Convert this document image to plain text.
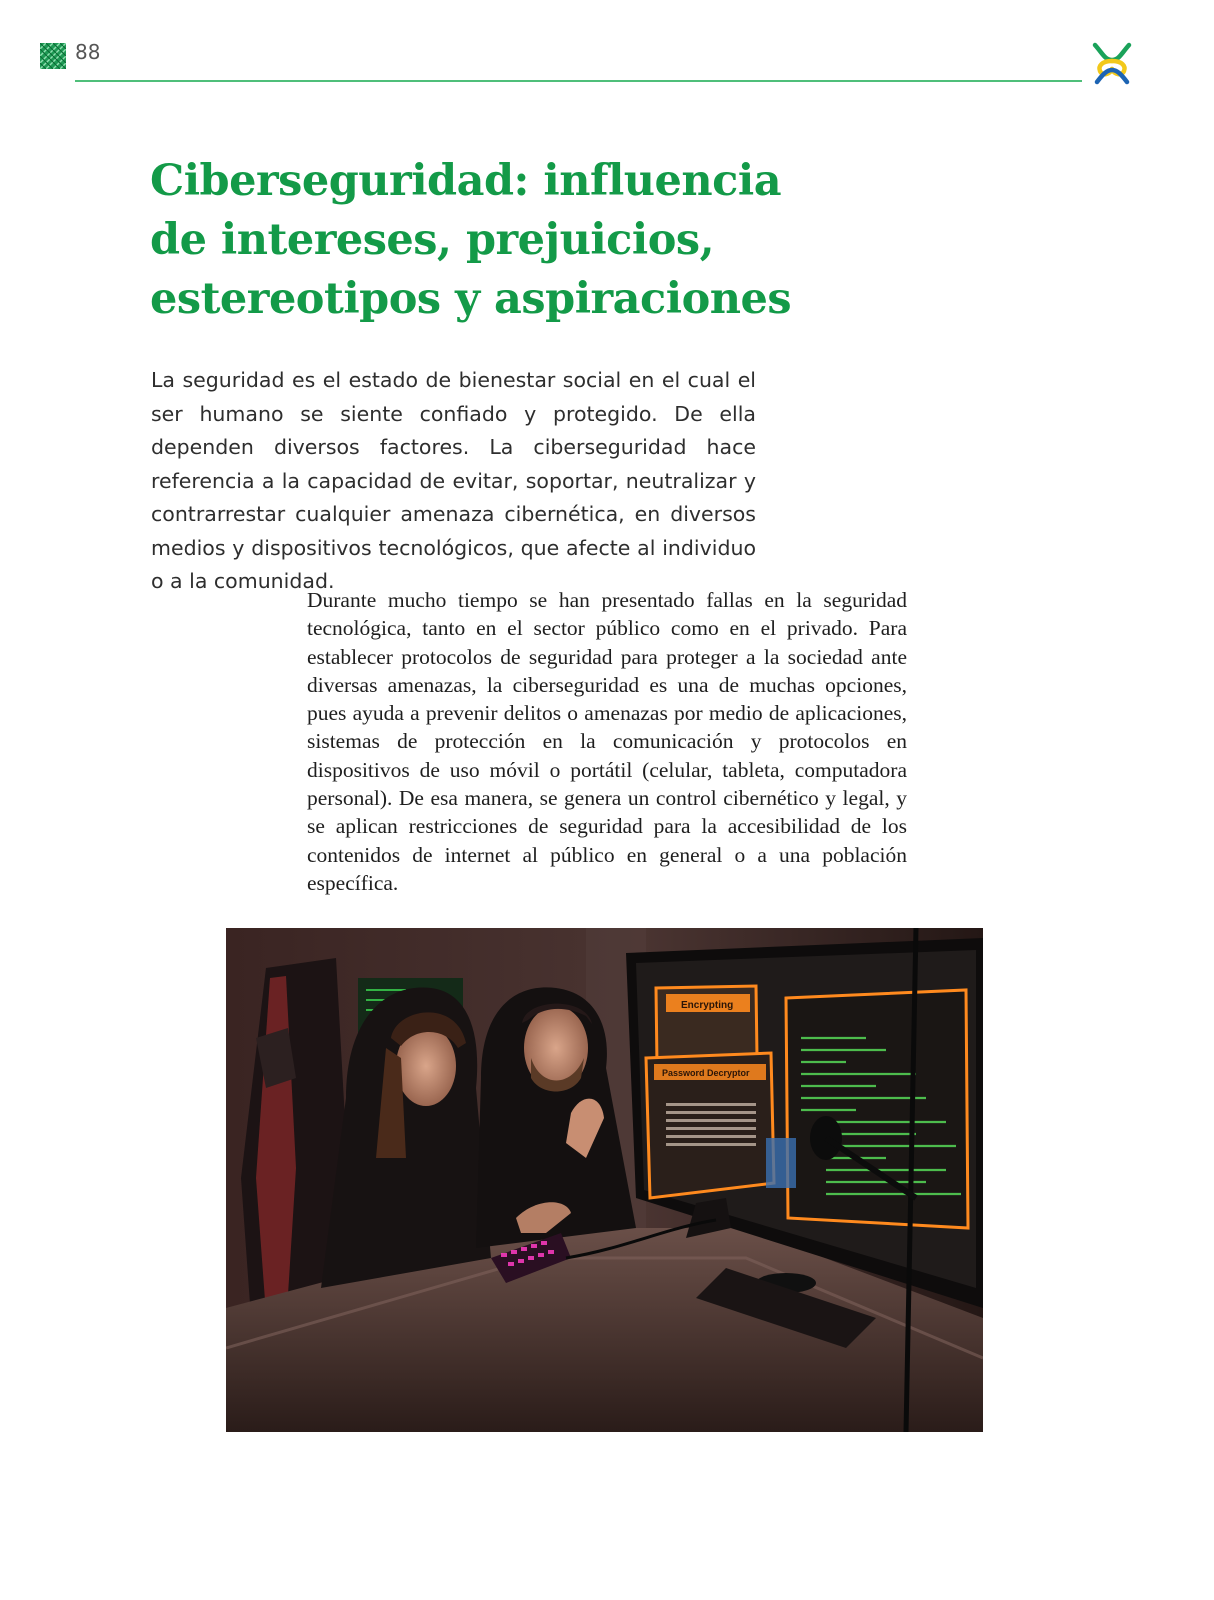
88
Ciberseguridad: influencia de intereses, prejuicios, estereotipos y aspiraciones

La seguridad es el estado de bienestar social en el cual el ser humano se siente confiado y protegido. De ella dependen diversos factores. La ciberseguridad hace referencia a la capacidad de evitar, soportar, neutralizar y contrarrestar cualquier amenaza cibernética, en diversos medios y dispositivos tecnológicos, que afecte al individuo o a la comunidad.

Durante mucho tiempo se han presentado fallas en la seguridad tecnológica, tanto en el sector público como en el privado. Para establecer protocolos de seguridad para proteger a la sociedad ante diversas amenazas, la ciberseguridad es una de muchas opciones, pues ayuda a prevenir delitos o amenazas por medio de aplicaciones, sistemas de protección en la comunicación y protocolos en dispositivos de uso móvil o portátil (celular, tableta, computadora personal). De esa manera, se genera un control cibernético y legal, y se aplican restricciones de seguridad para la accesibilidad de los contenidos de internet al público en general o a una población específica.

Encrypting
Password Decryptor
